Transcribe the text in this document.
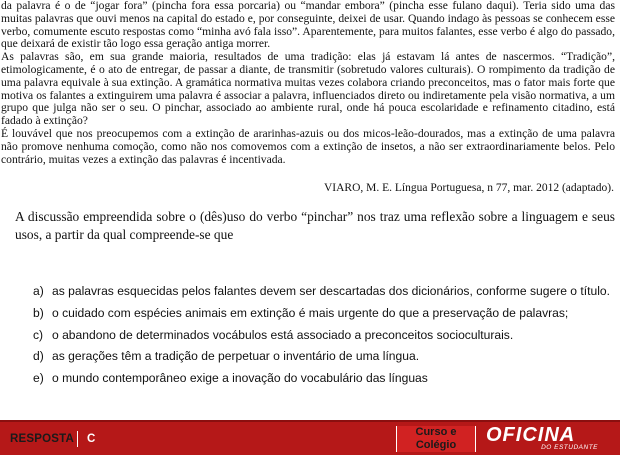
da palavra é o de “jogar fora” (pincha fora essa porcaria) ou “mandar embora” (pincha esse fulano daqui). Teria sido uma das muitas palavras que ouvi menos na capital do estado e, por conseguinte, deixei de usar. Quando indago às pessoas se conhecem esse verbo, comumente escuto respostas como “minha avó fala isso”. Aparentemente, para muitos falantes, esse verbo é algo do passado, que deixará de existir tão logo essa geração antiga morrer.

As palavras são, em sua grande maioria, resultados de uma tradição: elas já estavam lá antes de nascermos. “Tradição”, etimologicamente, é o ato de entregar, de passar a diante, de transmitir (sobretudo valores culturais). O rompimento da tradição de uma palavra equivale à sua extinção. A gramática normativa muitas vezes colabora criando preconceitos, mas o fator mais forte que motiva os falantes a extinguirem uma palavra é associar a palavra, influenciados direto ou indiretamente pela visão normativa, a um grupo que julga não ser o seu. O pinchar, associado ao ambiente rural, onde há pouca escolaridade e refinamento citadino, está fadado à extinção?

É louvável que nos preocupemos com a extinção de ararinhas-azuis ou dos micos-leão-dourados, mas a extinção de uma palavra não promove nenhuma comoção, como não nos comovemos com a extinção de insetos, a não ser extraordinariamente belos. Pelo contrário, muitas vezes a extinção das palavras é incentivada.

VIARO, M. E. Língua Portuguesa, n 77, mar. 2012 (adaptado).
A discussão empreendida sobre o (dês)uso do verbo “pinchar” nos traz uma reflexão sobre a linguagem e seus usos, a partir da qual compreende-se que
a) as palavras esquecidas pelos falantes devem ser descartadas dos dicionários, conforme sugere o título.
b) o cuidado com espécies animais em extinção é mais urgente do que a preservação de palavras;
c) o abandono de determinados vocábulos está associado a preconceitos socioculturais.
d) as gerações têm a tradição de perpetuar o inventário de uma língua.
e) o mundo contemporâneo exige a inovação do vocabulário das línguas
RESPOSTA C
Curso e
Colégio	OFICINA
DO ESTUDANTE
